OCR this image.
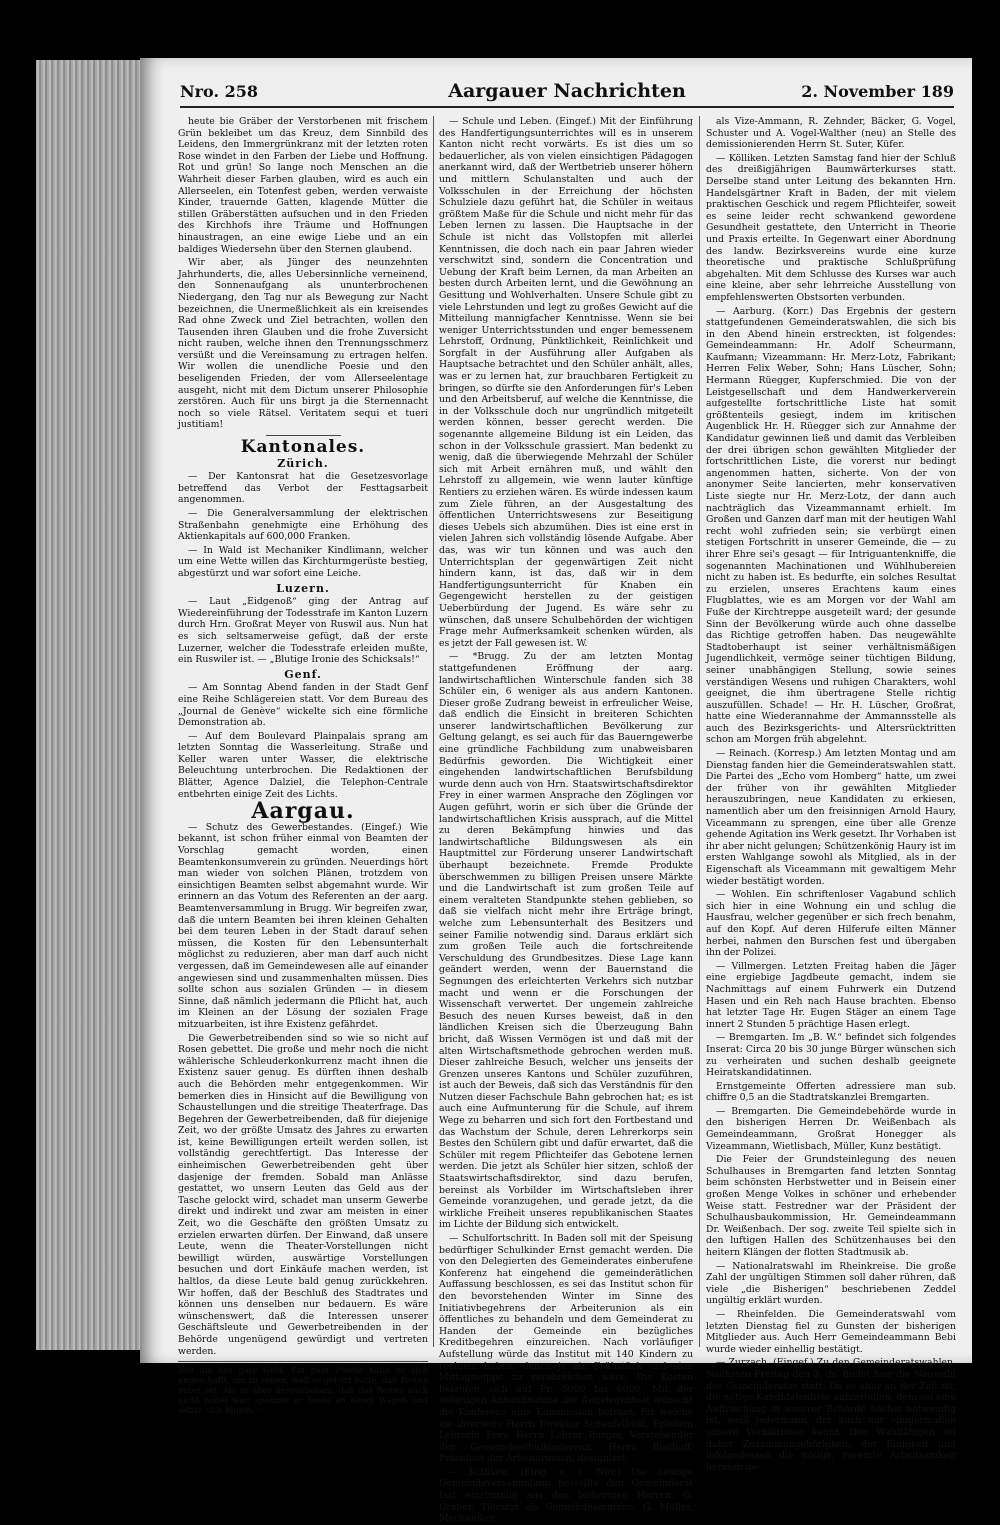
Nro. 258	Aargauer Nachrichten	2. November 189

heute bie Gräber der Verstorbenen mit frischem Grün bekleibet um das Kreuz, dem Sinnbild des Leidens, den Immergrünkranz mit der letzten roten Rose windet in den Farben der Liebe und Hoffnung. Rot und grün! So lange noch Menschen an die Wahrheit dieser Farben glauben, wird es auch ein Allerseelen, ein Totenfest geben, werden verwaiste Kinder, trauernde Gatten, klagende Mütter die stillen Gräberstätten aufsuchen und in den Frieden des Kirchhofs ihre Träume und Hoffnungen hinaustragen, an eine ewige Liebe und an ein baldiges Wiedersehn über den Sternen glaubend.

Wir aber, als Jünger des neunzehnten Jahrhunderts, die, alles Uebersinnliche verneinend, den Sonnenaufgang als ununterbrochenen Niedergang, den Tag nur als Bewegung zur Nacht bezeichnen, die Unermeßlichkeit als ein kreisendes Rad ohne Zweck und Ziel betrachten, wollen den Tausenden ihren Glauben und die frohe Zuversicht nicht rauben, welche ihnen den Trennungsschmerz versüßt und die Vereinsamung zu ertragen helfen. Wir wollen die unendliche Poesie und den beseligenden Frieden, der vom Allerseelentage ausgeht, nicht mit dem Dictum unserer Philosophie zerstören. Auch für uns birgt ja die Sternennacht noch so viele Rätsel. Veritatem sequi et tueri justitiam!

Kantonales.
Zürich.

— Der Kantonsrat hat die Gesetzesvorlage betreffend das Verbot der Festtagsarbeit angenommen.

— Die Generalversammlung der elektrischen Straßenbahn genehmigte eine Erhöhung des Aktienkapitals auf 600,000 Franken.

— In Wald ist Mechaniker Kindlimann, welcher um eine Wette willen das Kirchturmgerüste bestieg, abgestürzt und war sofort eine Leiche.

Luzern.

— Laut „Eidgenoß“ ging der Antrag auf Wiedereinführung der Todesstrafe im Kanton Luzern durch Hrn. Großrat Meyer von Ruswil aus. Nun hat es sich seltsamerweise gefügt, daß der erste Luzerner, welcher die Todesstrafe erleiden mußte, ein Ruswiler ist. — „Blutige Ironie des Schicksals!“

Genf.

— Am Sonntag Abend fanden in der Stadt Genf eine Reihe Schlägereien statt. Vor dem Bureau des „Journal de Genève“ wickelte sich eine förmliche Demonstration ab.

— Auf dem Boulevard Plainpalais sprang am letzten Sonntag die Wasserleitung. Straße und Keller waren unter Wasser, die elektrische Beleuchtung unterbrochen. Die Redaktionen der Blätter, Agence Dalziel, die Telephon-Centrale entbehrten einige Zeit des Lichts.

Aargau.

— Schutz des Gewerbestandes. (Eingef.) Wie bekannt, ist schon früher einmal von Beamten der Vorschlag gemacht worden, einen Beamtenkonsumverein zu gründen. Neuerdings hört man wieder von solchen Plänen, trotzdem von einsichtigen Beamten selbst abgemahnt wurde. Wir erinnern an das Votum des Referenten an der aarg. Beamtenversammlung in Brugg. Wir begreifen zwar, daß die untern Beamten bei ihren kleinen Gehalten bei dem teuren Leben in der Stadt darauf sehen müssen, die Kosten für den Lebensunterhalt möglichst zu reduzieren, aber man darf auch nicht vergessen, daß im Gemeindewesen alle auf einander angewiesen sind und zusammenhalten müssen. Dies sollte schon aus sozialen Gründen — in diesem Sinne, daß nämlich jedermann die Pflicht hat, auch im Kleinen an der Lösung der sozialen Frage mitzuarbeiten, ist ihre Existenz gefährdet.

Die Gewerbetreibenden sind so wie so nicht auf Rosen gebettet. Die große und mehr noch die nicht wählerische Schleuderkonkurrenz macht ihnen die Existenz sauer genug. Es dürften ihnen deshalb auch die Behörden mehr entgegenkommen. Wir bemerken dies in Hinsicht auf die Bewilligung von Schaustellungen und die streitige Theaterfrage. Das Begehren der Gewerbetreibenden, daß für diejenige Zeit, wo der größte Umsatz des Jahres zu erwarten ist, keine Bewilligungen erteilt werden sollen, ist vollständig gerechtfertigt. Das Interesse der einheimischen Gewerbetreibenden geht über dasjenige der fremden. Sobald man Anlässe gestattet, wo unsern Leuten das Geld aus der Tasche gelockt wird, schadet man unserm Gewerbe direkt und indirekt und zwar am meisten in einer Zeit, wo die Geschäfte den größten Umsatz zu erzielen erwarten dürfen. Der Einwand, daß unsere Leute, wenn die Theater-Vorstellungen nicht bewilligt würden, auswärtige Vorstellungen besuchen und dort Einkäufe machen werden, ist haltlos, da diese Leute bald genug zurückkehren. Wir hoffen, daß der Beschluß des Stadtrates und können uns denselben nur bedauern. Es wäre wünschenswert, daß die Interessen unserer Geschäftsleute und Gewerbetreibenden in der Behörde ungenügend gewürdigt und vertreten werden.

leid um das gute Geld. Ein paar Pferde hatte er sich angeschafft, um zu reiten, weil er gehört hatte, daß Reiten nobel sei. Als er aber herausbekam, daß das Reiten auch nicht nobel war, spannte er beide an einen Wagen und setzte sich hinein. —

— Schule und Leben. (Eingef.) Mit der Einführung des Handfertigungsunterrichtes will es in unserem Kanton nicht recht vorwärts. Es ist dies um so bedauerlicher, als von vielen einsichtigen Pädagogen anerkannt wird, daß der Wertbetrieb unserer höhern und mittlern Schulanstalten und auch der Volksschulen in der Erreichung der höchsten Schulziele dazu geführt hat, die Schüler in weitaus größtem Maße für die Schule und nicht mehr für das Leben lernen zu lassen. Die Hauptsache in der Schule ist nicht das Vollstopfen mit allerlei Kenntnissen, die doch nach ein paar Jahren wieder verschwitzt sind, sondern die Concentration und Uebung der Kraft beim Lernen, da man Arbeiten an besten durch Arbeiten lernt, und die Gewöhnung an Gesittung und Wohlverhalten. Unsere Schule gibt zu viele Lehrstunden und legt zu großes Gewicht auf die Mitteilung mannigfacher Kenntnisse. Wenn sie bei weniger Unterrichtsstunden und enger bemessenem Lehrstoff, Ordnung, Pünktlichkeit, Reinlichkeit und Sorgfalt in der Ausführung aller Aufgaben als Hauptsache betrachtet und den Schüler anhält, alles, was er zu lernen hat, zur brauchbaren Fertigkeit zu bringen, so dürfte sie den Anforderungen für's Leben und den Arbeitsberuf, auf welche die Kenntnisse, die in der Volksschule doch nur ungründlich mitgeteilt werden können, besser gerecht werden. Die sogenannte allgemeine Bildung ist ein Leiden, das schon in der Volksschule grassiert. Man bedenkt zu wenig, daß die überwiegende Mehrzahl der Schüler sich mit Arbeit ernähren muß, und wählt den Lehrstoff zu allgemein, wie wenn lauter künftige Rentiers zu erziehen wären. Es würde indessen kaum zum Ziele führen, an der Ausgestaltung des öffentlichen Unterrichtswesens zur Beseitigung dieses Uebels sich abzumühen. Dies ist eine erst in vielen Jahren sich vollständig lösende Aufgabe. Aber das, was wir tun können und was auch den Unterrichtsplan der gegenwärtigen Zeit nicht hindern kann, ist das, daß wir in dem Handfertigungsunterricht für Knaben ein Gegengewicht herstellen zu der geistigen Ueberbürdung der Jugend. Es wäre sehr zu wünschen, daß unsere Schulbehörden der wichtigen Frage mehr Aufmerksamkeit schenken würden, als es jetzt der Fall gewesen ist. W.

— *Brugg. Zu der am letzten Montag stattgefundenen Eröffnung der aarg. landwirtschaftlichen Winterschule fanden sich 38 Schüler ein, 6 weniger als aus andern Kantonen. Dieser große Zudrang beweist in erfreulicher Weise, daß endlich die Einsicht in breiteren Schichten unserer landwirtschaftlichen Bevölkerung zur Geltung gelangt, es sei auch für das Bauerngewerbe eine gründliche Fachbildung zum unabweisbaren Bedürfnis geworden. Die Wichtigkeit einer eingehenden landwirtschaftlichen Berufsbildung wurde denn auch von Hrn. Staatswirtschaftsdirektor Frey in einer warmen Ansprache den Zöglingen vor Augen geführt, worin er sich über die Gründe der landwirtschaftlichen Krisis aussprach, auf die Mittel zu deren Bekämpfung hinwies und das landwirtschaftliche Bildungswesen als ein Hauptmittel zur Förderung unserer Landwirtschaft überhaupt bezeichnete. Fremde Produkte überschwemmen zu billigen Preisen unsere Märkte und die Landwirtschaft ist zum großen Teile auf einem veralteten Standpunkte stehen geblieben, so daß sie vielfach nicht mehr ihre Erträge bringt, welche zum Lebensunterhalt des Besitzers und seiner Familie notwendig sind. Daraus erklärt sich zum großen Teile auch die fortschreitende Verschuldung des Grundbesitzes. Diese Lage kann geändert werden, wenn der Bauernstand die Segnungen des erleichterten Verkehrs sich nutzbar macht und wenn er die Forschungen der Wissenschaft verwertet. Der ungemein zahlreiche Besuch des neuen Kurses beweist, daß in den ländlichen Kreisen sich die Überzeugung Bahn bricht, daß Wissen Vermögen ist und daß mit der alten Wirtschaftsmethode gebrochen werden muß. Dieser zahlreiche Besuch, welcher uns jenseits der Grenzen unseres Kantons und Schüler zuzuführen, ist auch der Beweis, daß sich das Verständnis für den Nutzen dieser Fachschule Bahn gebrochen hat; es ist auch eine Aufmunterung für die Schule, auf ihrem Wege zu beharren und sich fort den Fortbestand und das Wachstum der Schule, deren Lehrerkorps sein Bestes den Schülern gibt und dafür erwartet, daß die Schüler mit regem Pflichteifer das Gebotene lernen werden. Die jetzt als Schüler hier sitzen, schloß der Staatswirtschaftsdirektor, sind dazu berufen, bereinst als Vorbilder im Wirtschaftsleben ihrer Gemeinde voranzugehen, und gerade jetzt, da die wirkliche Freiheit unseres republikanischen Staates im Lichte der Bildung sich entwickelt.

— Schulfortschritt. In Baden soll mit der Speisung bedürftiger Schulkinder Ernst gemacht werden. Die von den Delegierten des Gemeinderates einberufene Konferenz hat eingehend die gemeinderätlichen Auffassung beschlossen, es sei das Institut schon für den bevorstehenden Winter im Sinne des Initiativbegehrens der Arbeiterunion als ein öffentliches zu behandeln und dem Gemeinderat zu Handen der Gemeinde ein bezügliches Kreditbegehren einzureichen. Nach vorläufiger Aufstellung würde das Institut mit 140 Kindern zu rechnen haben, denen je ein Frühstück und eine Mittagssuppe zu verabreichen wäre. Die Kosten belaufen sich auf Fr. 5000 bis 6000. Mit der sofortigen Anhandnahme der Angelegenheit wünscht die Konferenz eine Kommission betraut, für welche sie ihrerseits Herrn Direktor Schaufelbühl, Fräulein Lehrerin Frey, Herrn Lehrer Burger, Vorstehender der Gemeindeschulkonferenz, Herrn Bischoff, Präsident der Arbeiterunion, designiert.

— Kölliken. (Eing. v. 1. Nov.) Die heutige Gemeindeversammlung bestellte den Gemeinderat fast einstimmig aus den bisherigen Herren: G. Graber, Tierarzt als Gemeindeammann, G. Müller, Mechaniker,

als Vize-Ammann, R. Zehnder, Bäcker, G. Vogel, Schuster und A. Vogel-Walther (neu) an Stelle des demissionierenden Herrn St. Suter, Küfer.

— Kölliken. Letzten Samstag fand hier der Schluß des dreißigjährigen Baumwärterkurses statt. Derselbe stand unter Leitung des bekannten Hrn. Handelsgärtner Kraft in Baden, der mit vielem praktischen Geschick und regem Pflichteifer, soweit es seine leider recht schwankend gewordene Gesundheit gestattete, den Unterricht in Theorie und Praxis erteilte. In Gegenwart einer Abordnung des landw. Bezirksvereins wurde eine kurze theoretische und praktische Schlußprüfung abgehalten. Mit dem Schlusse des Kurses war auch eine kleine, aber sehr lehrreiche Ausstellung von empfehlenswerten Obstsorten verbunden.

— Aarburg. (Korr.) Das Ergebnis der gestern stattgefundenen Gemeinderatswahlen, die sich bis in den Abend hinein erstreckten, ist folgendes: Gemeindeammann: Hr. Adolf Scheurmann, Kaufmann; Vizeammann: Hr. Merz-Lotz, Fabrikant; Herren Felix Weber, Sohn; Hans Lüscher, Sohn; Hermann Rüegger, Kupferschmied. Die von der Leistgesellschaft und dem Handwerkerverein aufgestellte fortschrittliche Liste hat somit größtenteils gesiegt, indem im kritischen Augenblick Hr. H. Rüegger sich zur Annahme der Kandidatur gewinnen ließ und damit das Verbleiben der drei übrigen schon gewählten Mitglieder der fortschrittlichen Liste, die vorerst nur bedingt angenommen hatten, sicherte. Von der von anonymer Seite lancierten, mehr konservativen Liste siegte nur Hr. Merz-Lotz, der dann auch nachträglich das Vizeammannamt erhielt. Im Großen und Ganzen darf man mit der heutigen Wahl recht wohl zufrieden sein; sie verbürgt einen stetigen Fortschritt in unserer Gemeinde, die — zu ihrer Ehre sei's gesagt — für Intriguantenkniffe, die sogenannten Machinationen und Wühlhubereien nicht zu haben ist. Es bedurfte, ein solches Resultat zu erzielen, unseres Erachtens kaum eines Flugblattes, wie es am Morgen vor der Wahl am Fuße der Kirchtreppe ausgeteilt ward; der gesunde Sinn der Bevölkerung würde auch ohne dasselbe das Richtige getroffen haben. Das neugewählte Stadtoberhaupt ist seiner verhältnismäßigen Jugendlichkeit, vermöge seiner tüchtigen Bildung, seiner unabhängigen Stellung, sowie seines verständigen Wesens und ruhigen Charakters, wohl geeignet, die ihm übertragene Stelle richtig auszufüllen. Schade! — Hr. H. Lüscher, Großrat, hatte eine Wiederannahme der Ammannsstelle als auch des Bezirksgerichts- und Altersrücktritten schon am Morgen früh abgelehnt.

— Reinach. (Korresp.) Am letzten Montag und am Dienstag fanden hier die Gemeinderatswahlen statt. Die Partei des „Echo vom Homberg“ hatte, um zwei der früher von ihr gewählten Mitglieder herauszubringen, neue Kandidaten zu erkiesen, namentlich aber um den freisinnigen Arnold Haury, Viceammann zu sprengen, eine über alle Grenze gehende Agitation ins Werk gesetzt. Ihr Vorhaben ist ihr aber nicht gelungen; Schützenkönig Haury ist im ersten Wahlgange sowohl als Mitglied, als in der Eigenschaft als Viceammann mit gewaltigem Mehr wieder bestätigt worden.

— Wohlen. Ein schriftenloser Vagabund schlich sich hier in eine Wohnung ein und schlug die Hausfrau, welcher gegenüber er sich frech benahm, auf den Kopf. Auf deren Hilferufe eilten Männer herbei, nahmen den Burschen fest und übergaben ihn der Polizei.

— Villmergen. Letzten Freitag haben die Jäger eine ergiebige Jagdbeute gemacht, indem sie Nachmittags auf einem Fuhrwerk ein Dutzend Hasen und ein Reh nach Hause brachten. Ebenso hat letzter Tage Hr. Eugen Stäger an einem Tage innert 2 Stunden 5 prächtige Hasen erlegt.

— Bremgarten. Im „B. W.“ befindet sich folgendes Inserat: Circa 20 bis 30 junge Bürger wünschen sich zu verheiraten und suchen deshalb geeignete Heiratskandidatinnen.

Ernstgemeinte Offerten adressiere man sub. chiffre 0,5 an die Stadtratskanzlei Bremgarten.

— Bremgarten. Die Gemeindebehörde wurde in den bisherigen Herren Dr. Weißenbach als Gemeindeammann, Großrat Honegger als Vizeammann, Wietlisbach, Müller, Kunz bestätigt.

Die Feier der Grundsteinlegung des neuen Schulhauses in Bremgarten fand letzten Sonntag beim schönsten Herbstwetter und in Beisein einer großen Menge Volkes in schöner und erhebender Weise statt. Festredner war der Präsident der Schulhausbaukommission, Hr. Gemeindeammann Dr. Weißenbach. Der sog. zweite Teil spielte sich in den luftigen Hallen des Schützenhauses bei den heitern Klängen der flotten Stadtmusik ab.

— Nationalratswahl im Rheinkreise. Die große Zahl der ungültigen Stimmen soll daher rühren, daß viele „die Bisherigen“ beschriebenen Zeddel ungültig erklärt wurden.

— Rheinfelden. Die Gemeinderatswahl vom letzten Dienstag fiel zu Gunsten der bisherigen Mitglieder aus. Auch Herr Gemeindeammann Bebi wurde wieder einhellig bestätigt.

— Zurzach. (Eingef.) Zu den Gemeinderatswahlen. Nächsten Freitag den 3. ds. findet hier die Neuwahl des Gemeinderates statt. Da es aber an der Zeit ist, die nötige Kandidatenliste aufzustellen, dem sei eine Auffrischung in unserer Behörde höchst notwendig ist, weiß jedermann, der auch nur einigermaßen unsere Verhältnisse kennt. Den Wahlfähigen sei daher Zusammengehörigkeit, der Einigkeit und infolgedessen die nötige, vereinte Arbeitsamkeit beraten ge-
